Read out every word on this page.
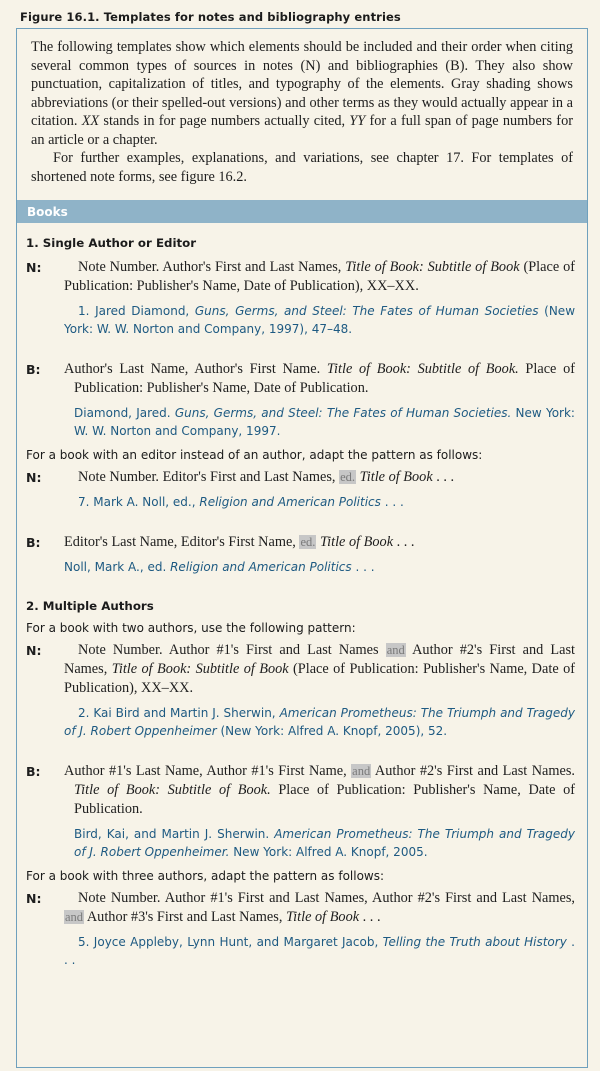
Figure 16.1. Templates for notes and bibliography entries

The following templates show which elements should be included and their order when citing several common types of sources in notes (N) and bibliographies (B). They also show punctuation, capitalization of titles, and typography of the elements. Gray shading shows abbreviations (or their spelled-out versions) and other terms as they would actually appear in a citation. XX stands in for page numbers actually cited, YY for a full span of page numbers for an article or a chapter.

For further examples, explanations, and variations, see chapter 17. For templates of shortened note forms, see figure 16.2.

Books
1. Single Author or Editor
N:	Note Number. Author's First and Last Names, Title of Book: Subtitle of Book (Place of Publication: Publisher's Name, Date of Publication), XX–XX.
1. Jared Diamond, Guns, Germs, and Steel: The Fates of Human Societies (New York: W. W. Norton and Company, 1997), 47–48.
B: Author's Last Name, Author's First Name. Title of Book: Subtitle of Book. Place of Publication: Publisher's Name, Date of Publication.
Diamond, Jared. Guns, Germs, and Steel: The Fates of Human Societies. New York: W. W. Norton and Company, 1997.
For a book with an editor instead of an author, adapt the pattern as follows:
N:	Note Number. Editor's First and Last Names, ed. Title of Book . . .
7. Mark A. Noll, ed., Religion and American Politics . . .
B: Editor's Last Name, Editor's First Name, ed. Title of Book . . .
Noll, Mark A., ed. Religion and American Politics . . .
2. Multiple Authors
For a book with two authors, use the following pattern:
N:	Note Number. Author #1's First and Last Names and Author #2's First and Last Names, Title of Book: Subtitle of Book (Place of Publication: Publisher's Name, Date of Publication), XX–XX.
2. Kai Bird and Martin J. Sherwin, American Prometheus: The Triumph and Tragedy of J. Robert Oppenheimer (New York: Alfred A. Knopf, 2005), 52.
B: Author #1's Last Name, Author #1's First Name, and Author #2's First and Last Names. Title of Book: Subtitle of Book. Place of Publication: Publisher's Name, Date of Publication.
Bird, Kai, and Martin J. Sherwin. American Prometheus: The Triumph and Tragedy of J. Robert Oppenheimer. New York: Alfred A. Knopf, 2005.
For a book with three authors, adapt the pattern as follows:
N:	Note Number. Author #1's First and Last Names, Author #2's First and Last Names, and Author #3's First and Last Names, Title of Book . . .
5. Joyce Appleby, Lynn Hunt, and Margaret Jacob, Telling the Truth about History . . .
